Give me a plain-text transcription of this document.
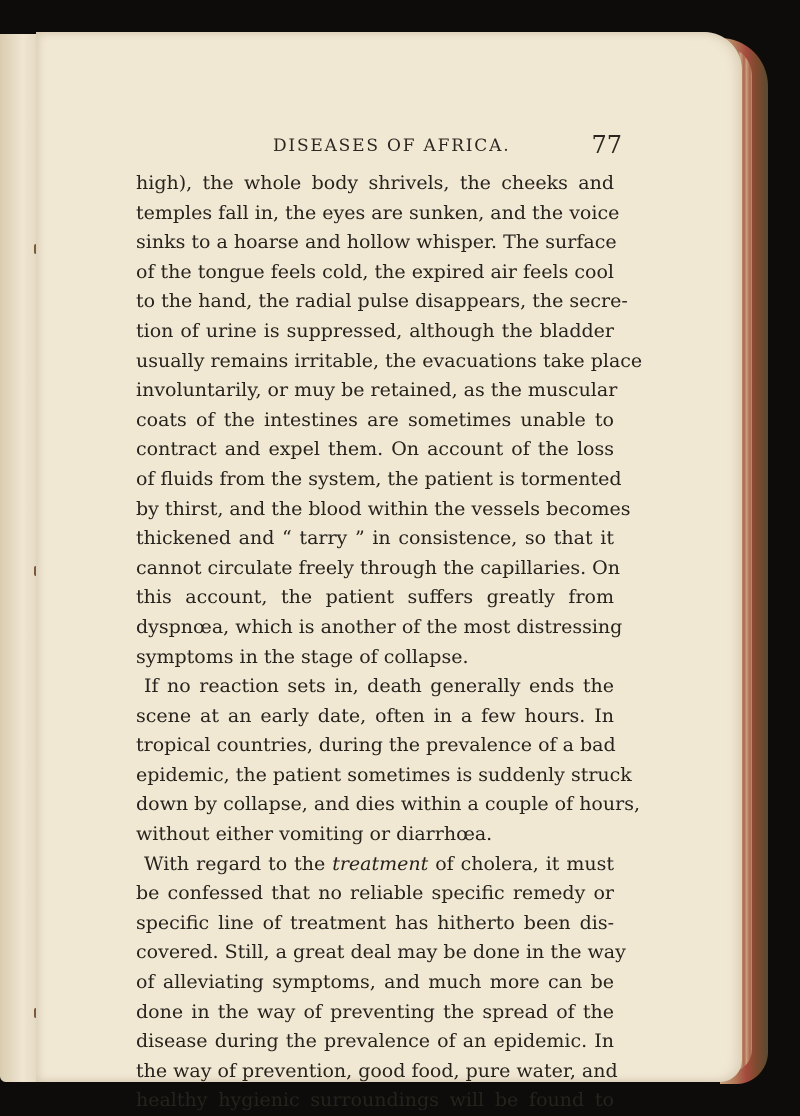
DISEASES OF AFRICA.	77
high), the whole body shrivels, the cheeks and
temples fall in, the eyes are sunken, and the voice
sinks to a hoarse and hollow whisper. The surface
of the tongue feels cold, the expired air feels cool
to the hand, the radial pulse disappears, the secre-
tion of urine is suppressed, although the bladder
usually remains irritable, the evacuations take place
involuntarily, or muy be retained, as the muscular
coats of the intestines are sometimes unable to
contract and expel them. On account of the loss
of fluids from the system, the patient is tormented
by thirst, and the blood within the vessels becomes
thickened and “ tarry ” in consistence, so that it
cannot circulate freely through the capillaries. On
this account, the patient suffers greatly from
dyspnœa, which is another of the most distressing
symptoms in the stage of collapse.
If no reaction sets in, death generally ends the
scene at an early date, often in a few hours. In
tropical countries, during the prevalence of a bad
epidemic, the patient sometimes is suddenly struck
down by collapse, and dies within a couple of hours,
without either vomiting or diarrhœa.
With regard to the treatment of cholera, it must
be confessed that no reliable specific remedy or
specific line of treatment has hitherto been dis-
covered. Still, a great deal may be done in the way
of alleviating symptoms, and much more can be
done in the way of preventing the spread of the
disease during the prevalence of an epidemic. In
the way of prevention, good food, pure water, and
healthy hygienic surroundings will be found to
